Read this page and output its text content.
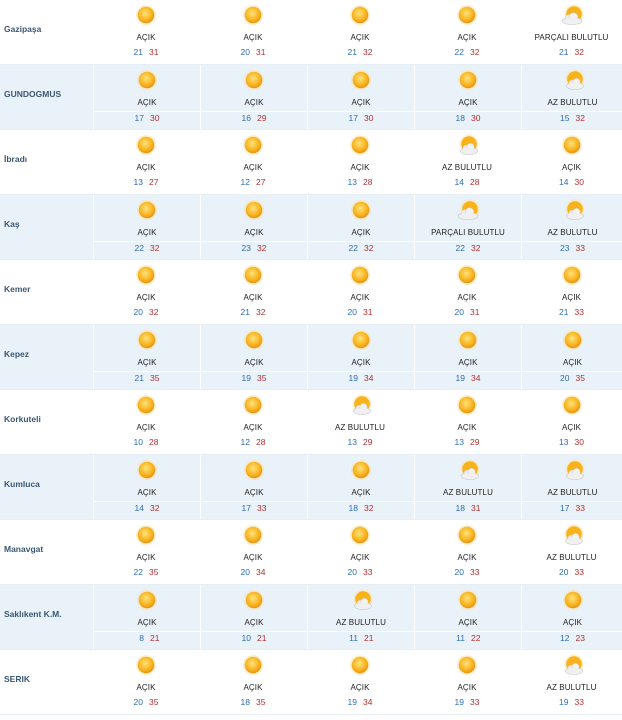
Gazipaşa
AÇIK
21 31
AÇIK
20 31
AÇIK
21 32
AÇIK
22 32
PARÇALI BULUTLU
21 32
GUNDOGMUS
AÇIK
17 30
AÇIK
16 29
AÇIK
17 30
AÇIK
18 30
AZ BULUTLU
15 32
İbradı
AÇIK
13 27
AÇIK
12 27
AÇIK
13 28
AZ BULUTLU
14 28
AÇIK
14 30
Kaş
AÇIK
22 32
AÇIK
23 32
AÇIK
22 32
PARÇALI BULUTLU
22 32
AZ BULUTLU
23 33
Kemer
AÇIK
20 32
AÇIK
21 32
AÇIK
20 31
AÇIK
20 31
AÇIK
21 33
Kepez
AÇIK
21 35
AÇIK
19 35
AÇIK
19 34
AÇIK
19 34
AÇIK
20 35
Korkuteli
AÇIK
10 28
AÇIK
12 28
AZ BULUTLU
13 29
AÇIK
13 29
AÇIK
13 30
Kumluca
AÇIK
14 32
AÇIK
17 33
AÇIK
18 32
AZ BULUTLU
18 31
AZ BULUTLU
17 33
Manavgat
AÇIK
22 35
AÇIK
20 34
AÇIK
20 33
AÇIK
20 33
AZ BULUTLU
20 33
Saklıkent K.M.
AÇIK
8 21
AÇIK
10 21
AZ BULUTLU
11 21
AÇIK
11 22
AÇIK
12 23
SERIK
AÇIK
20 35
AÇIK
18 35
AÇIK
19 34
AÇIK
19 33
AZ BULUTLU
19 33
